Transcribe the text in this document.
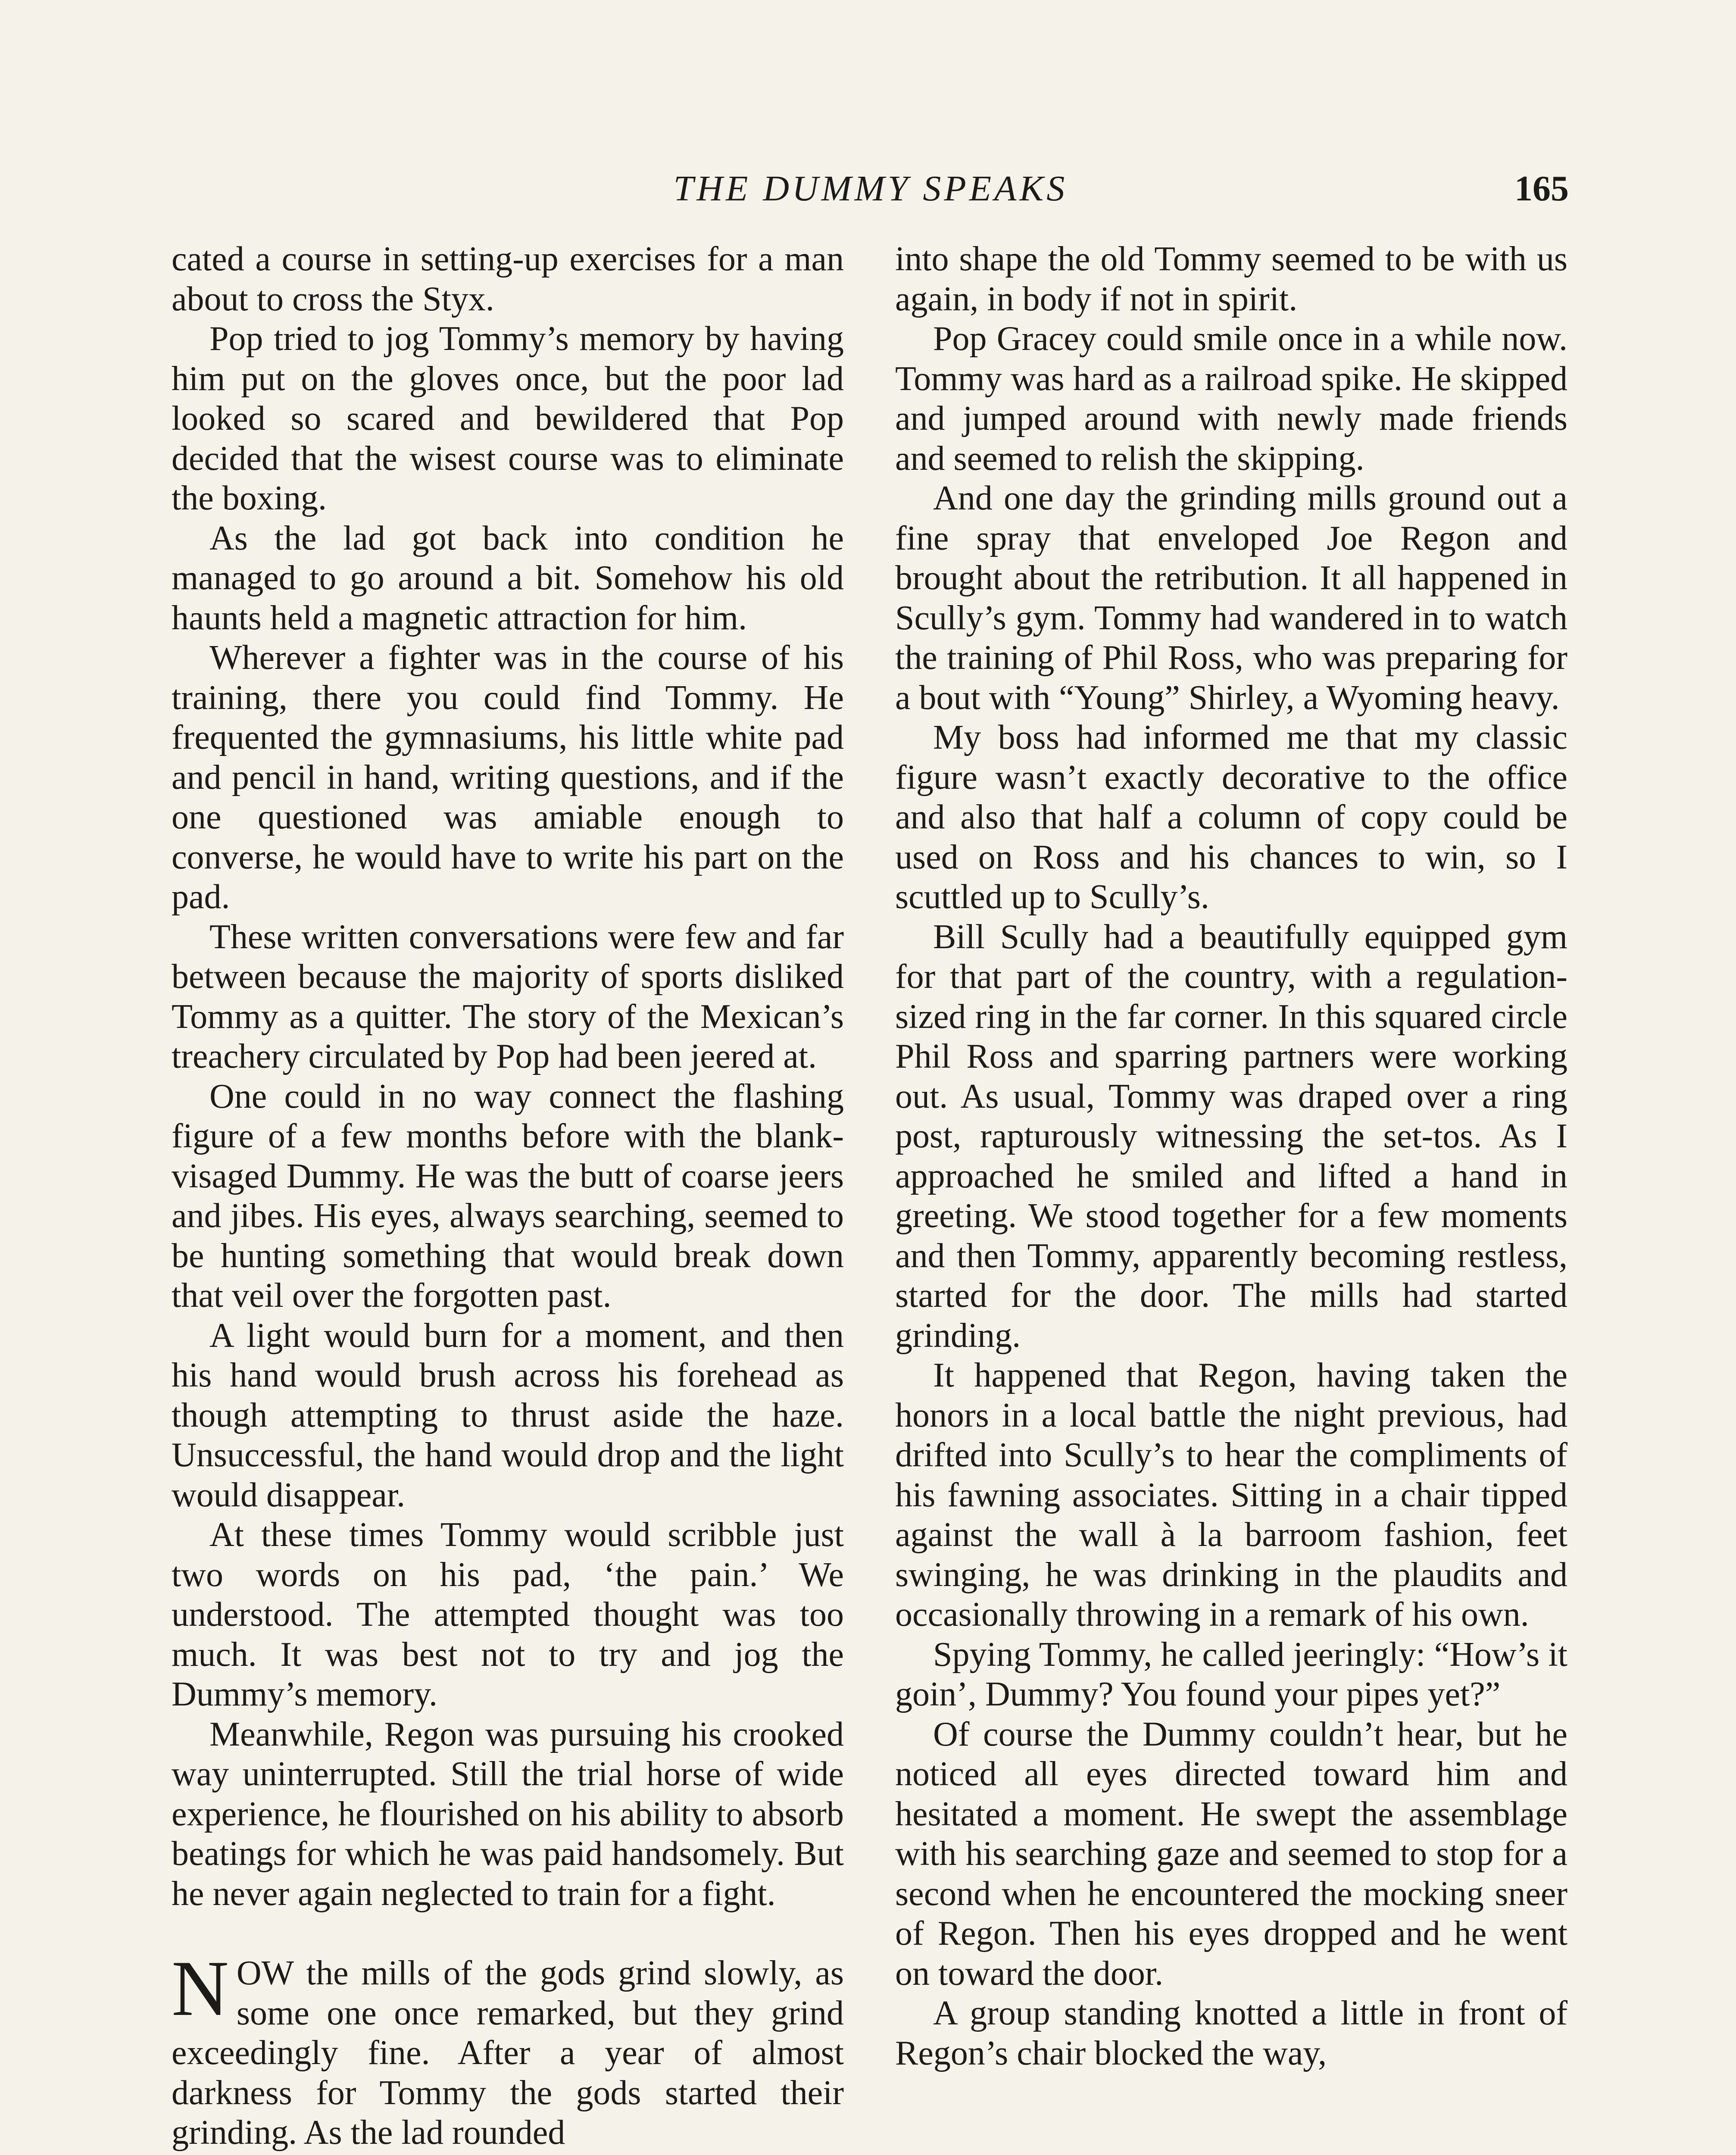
THE DUMMY SPEAKS	165

cated a course in setting-up exercises for a man about to cross the Styx.

Pop tried to jog Tommy’s memory by having him put on the gloves once, but the poor lad looked so scared and bewildered that Pop decided that the wisest course was to eliminate the boxing.

As the lad got back into condition he managed to go around a bit. Somehow his old haunts held a magnetic attraction for him.

Wherever a fighter was in the course of his training, there you could find Tommy. He frequented the gymnasiums, his little white pad and pencil in hand, writing questions, and if the one questioned was amiable enough to converse, he would have to write his part on the pad.

These written conversations were few and far between because the majority of sports disliked Tommy as a quitter. The story of the Mexican’s treachery circulated by Pop had been jeered at.

One could in no way connect the flashing figure of a few months before with the blank-visaged Dummy. He was the butt of coarse jeers and jibes. His eyes, always searching, seemed to be hunting something that would break down that veil over the forgotten past.

A light would burn for a moment, and then his hand would brush across his forehead as though attempting to thrust aside the haze. Unsuccessful, the hand would drop and the light would disappear.

At these times Tommy would scribble just two words on his pad, ‘the pain.’ We understood. The attempted thought was too much. It was best not to try and jog the Dummy’s memory.

Meanwhile, Regon was pursuing his crooked way uninterrupted. Still the trial horse of wide experience, he flourished on his ability to absorb beatings for which he was paid handsomely. But he never again neglected to train for a fight.

NOW the mills of the gods grind slowly, as some one once remarked, but they grind exceedingly fine. After a year of almost darkness for Tommy the gods started their grinding. As the lad rounded

into shape the old Tommy seemed to be with us again, in body if not in spirit.

Pop Gracey could smile once in a while now. Tommy was hard as a railroad spike. He skipped and jumped around with newly made friends and seemed to relish the skipping.

And one day the grinding mills ground out a fine spray that enveloped Joe Regon and brought about the retribution. It all happened in Scully’s gym. Tommy had wandered in to watch the training of Phil Ross, who was preparing for a bout with “Young” Shirley, a Wyoming heavy.

My boss had informed me that my classic figure wasn’t exactly decorative to the office and also that half a column of copy could be used on Ross and his chances to win, so I scuttled up to Scully’s.

Bill Scully had a beautifully equipped gym for that part of the country, with a regulation-sized ring in the far corner. In this squared circle Phil Ross and sparring partners were working out. As usual, Tommy was draped over a ring post, rapturously witnessing the set-tos. As I approached he smiled and lifted a hand in greeting. We stood together for a few moments and then Tommy, apparently becoming restless, started for the door. The mills had started grinding.

It happened that Regon, having taken the honors in a local battle the night previous, had drifted into Scully’s to hear the compliments of his fawning associates. Sitting in a chair tipped against the wall à la barroom fashion, feet swinging, he was drinking in the plaudits and occasionally throwing in a remark of his own.

Spying Tommy, he called jeeringly: “How’s it goin’, Dummy? You found your pipes yet?”

Of course the Dummy couldn’t hear, but he noticed all eyes directed toward him and hesitated a moment. He swept the assemblage with his searching gaze and seemed to stop for a second when he encountered the mocking sneer of Regon. Then his eyes dropped and he went on toward the door.

A group standing knotted a little in front of Regon’s chair blocked the way,
